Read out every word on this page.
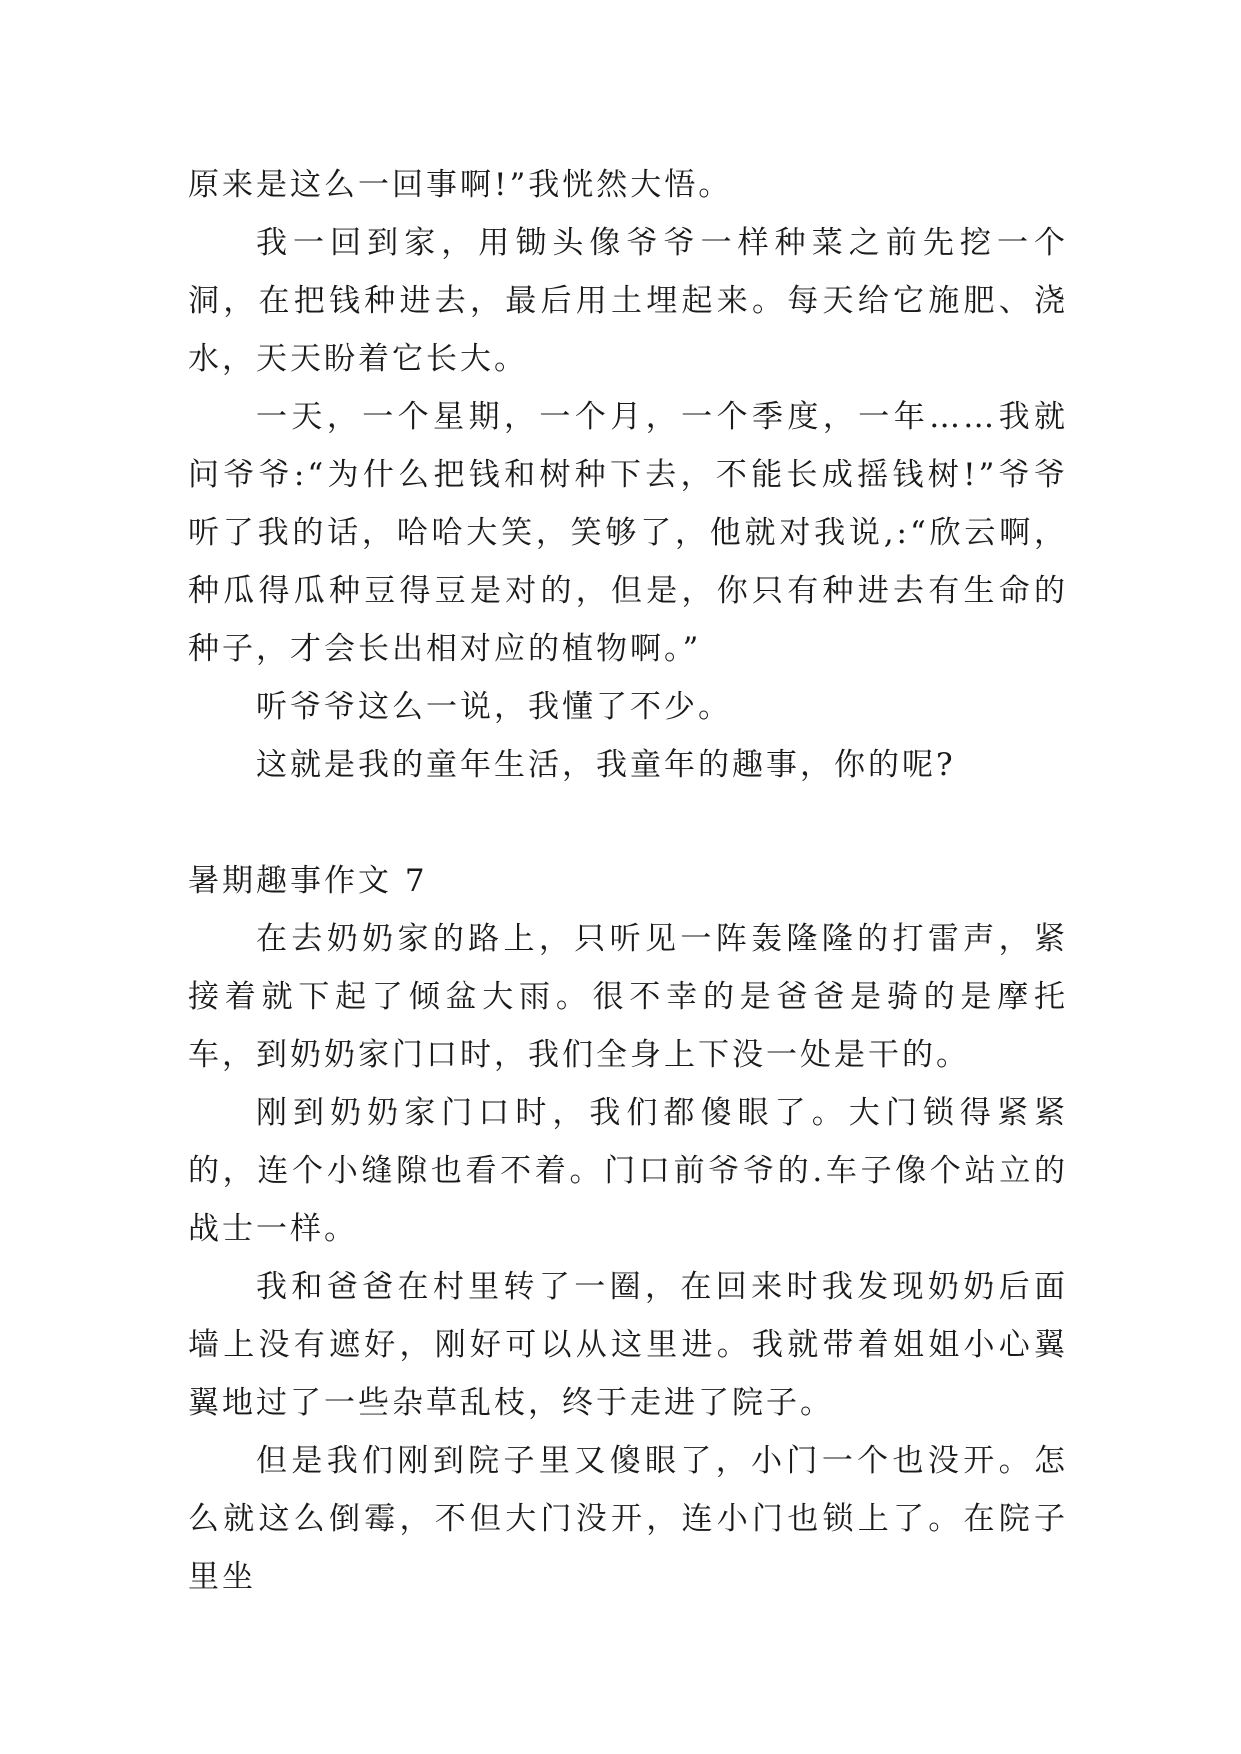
原来是这么一回事啊!”我恍然大悟。

我一回到家，用锄头像爷爷一样种菜之前先挖一个洞，在把钱种进去，最后用土埋起来。每天给它施肥、浇水，天天盼着它长大。

一天，一个星期，一个月，一个季度，一年……我就问爷爷:“为什么把钱和树种下去，不能长成摇钱树!”爷爷听了我的话，哈哈大笑，笑够了，他就对我说,:“欣云啊，种瓜得瓜种豆得豆是对的，但是，你只有种进去有生命的种子，才会长出相对应的植物啊。”

听爷爷这么一说，我懂了不少。

这就是我的童年生活，我童年的趣事，你的呢?

暑期趣事作文 7

在去奶奶家的路上，只听见一阵轰隆隆的打雷声，紧接着就下起了倾盆大雨。很不幸的是爸爸是骑的是摩托车，到奶奶家门口时，我们全身上下没一处是干的。

刚到奶奶家门口时，我们都傻眼了。大门锁得紧紧的，连个小缝隙也看不着。门口前爷爷的.车子像个站立的战士一样。

我和爸爸在村里转了一圈，在回来时我发现奶奶后面墙上没有遮好，刚好可以从这里进。我就带着姐姐小心翼翼地过了一些杂草乱枝，终于走进了院子。

但是我们刚到院子里又傻眼了，小门一个也没开。怎么就这么倒霉，不但大门没开，连小门也锁上了。在院子里坐
